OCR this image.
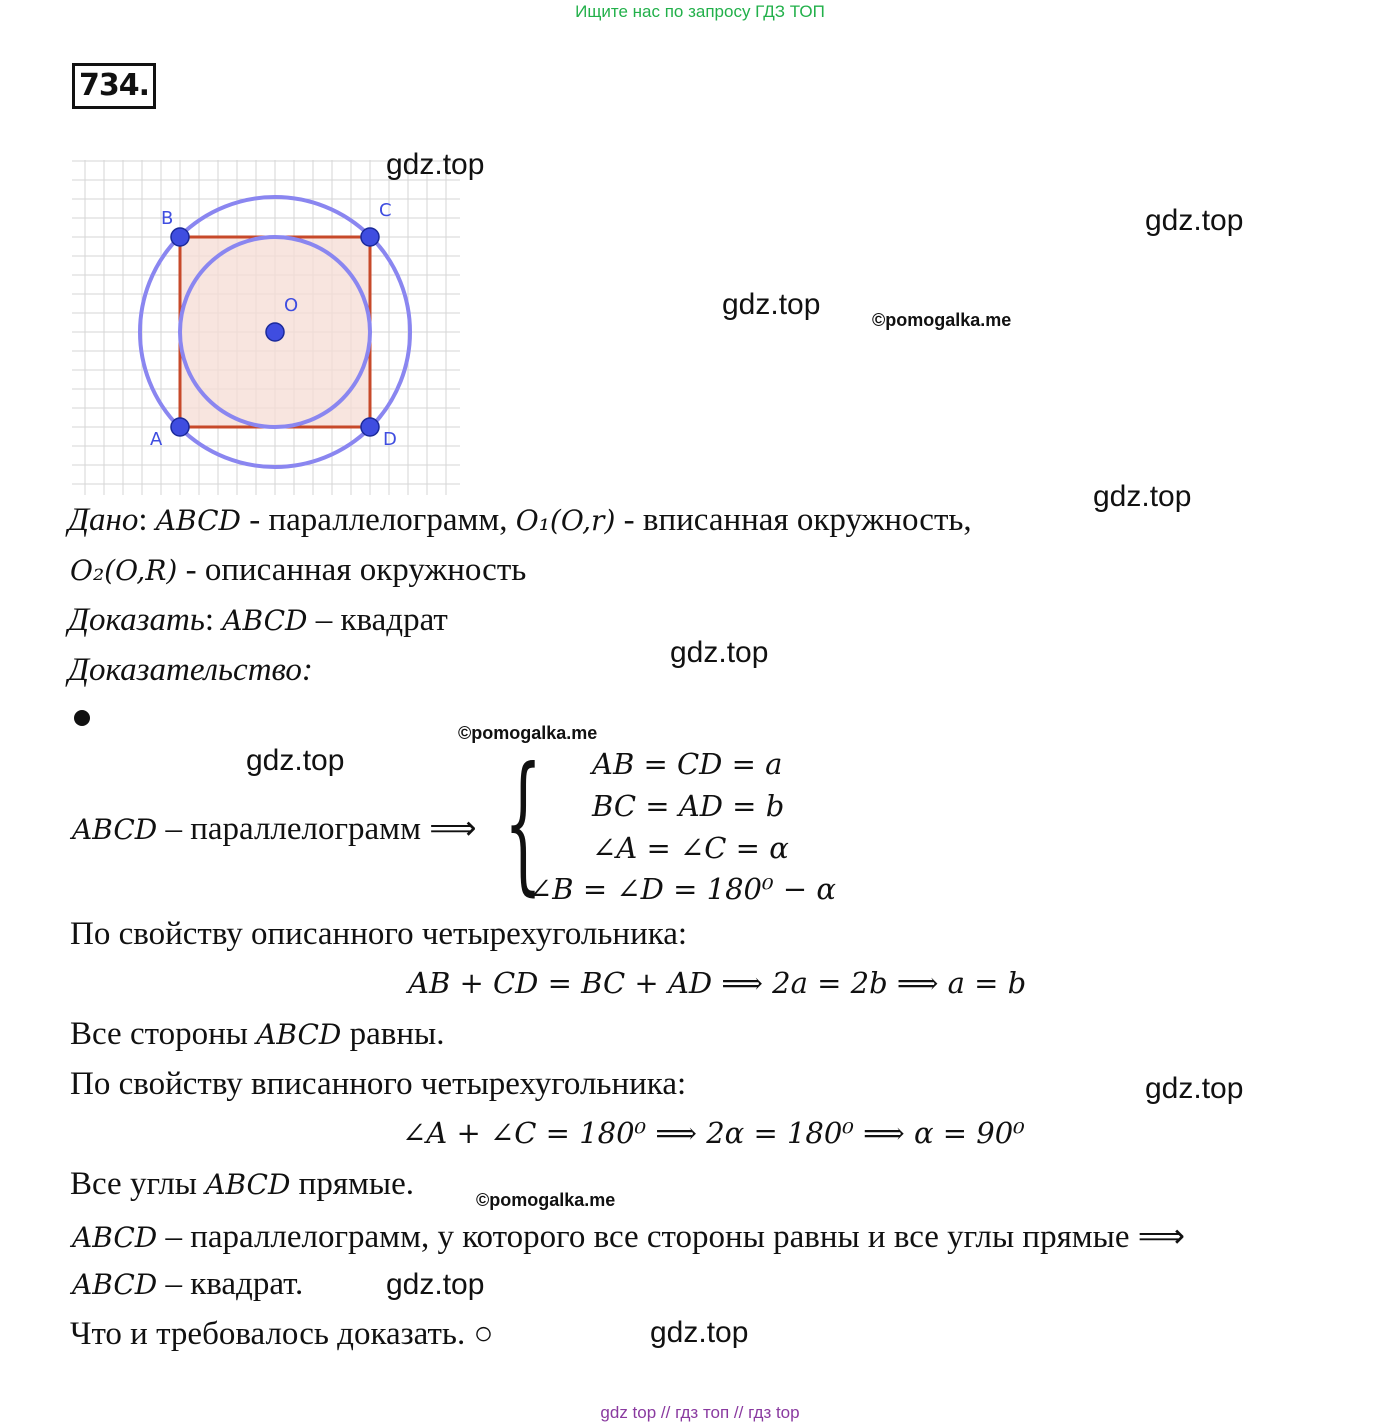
Ищите нас по запросу ГДЗ ТОП
734.
B	C
O
A	D
gdz.top
gdz.top
gdz.top	©pomogalka.me
gdz.top
gdz.top
©pomogalka.me
gdz.top
gdz.top
©pomogalka.me
gdz.top
gdz.top
Дано: ABCD - параллелограмм, O₁(O,r) - вписанная окружность,
O₂(O,R) - описанная окружность
Доказать: ABCD – квадрат
Доказательство:
ABCD – параллелограмм ⟹ { AB = CD = a
BC = AD = b
∠A = ∠C = α
∠B = ∠D = 180⁰ − α
По свойству описанного четырехугольника:
AB + CD = BC + AD ⟹ 2a = 2b ⟹ a = b
Все стороны ABCD равны.
По свойству вписанного четырехугольника:
∠A + ∠C = 180⁰ ⟹ 2α = 180⁰ ⟹ α = 90⁰
Все углы ABCD прямые.
ABCD – параллелограмм, у которого все стороны равны и все углы прямые ⟹
ABCD – квадрат.
Что и требовалось доказать. ○
gdz top // гдз топ // гдз top
